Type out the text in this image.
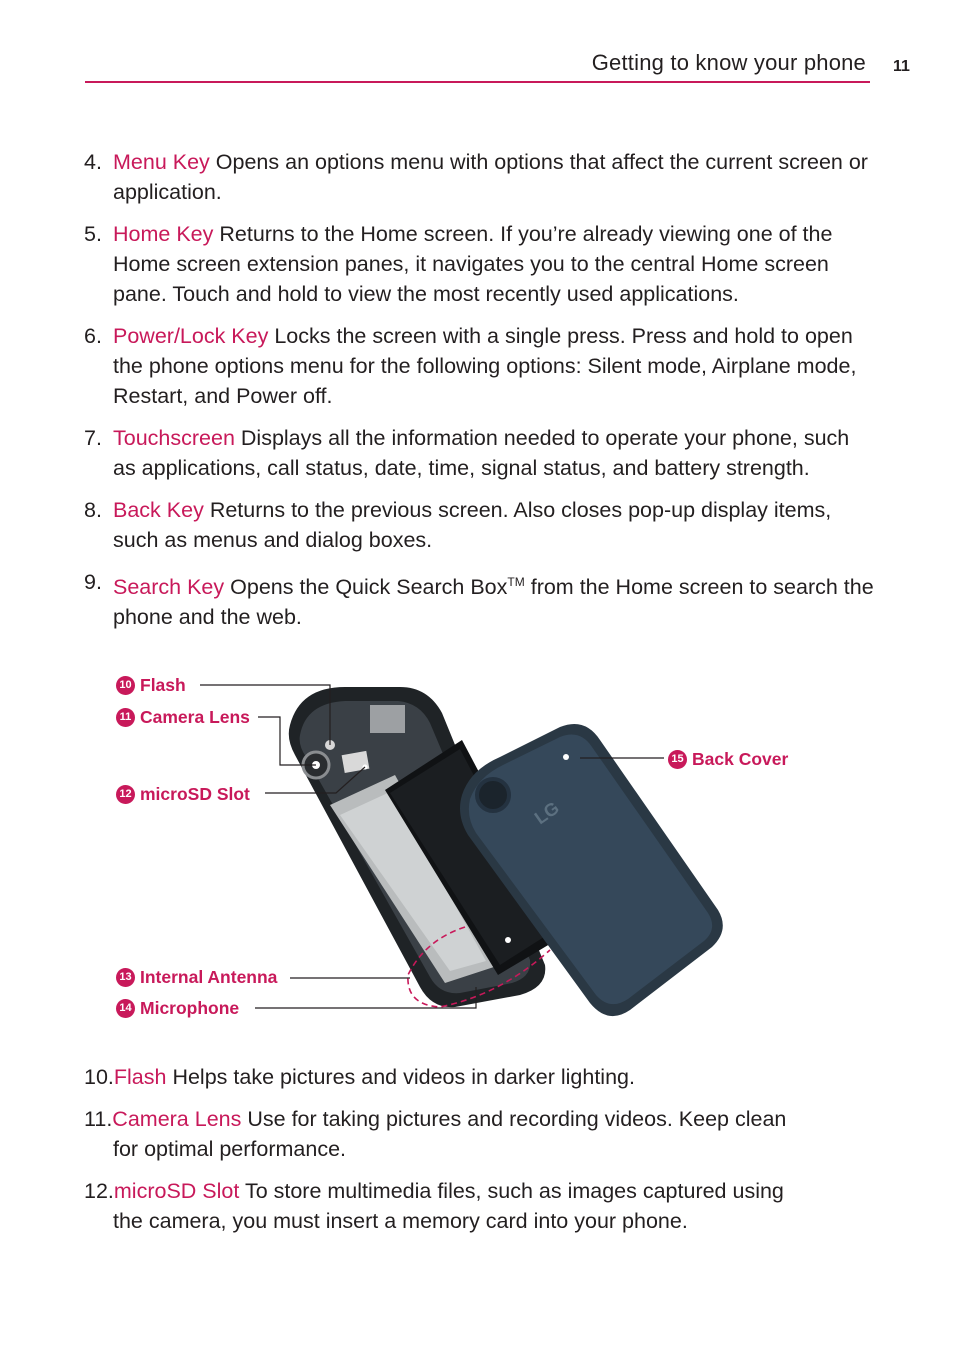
Getting to know your phone 11

4. Menu Key Opens an options menu with options that affect the current screen or application.

5. Home Key Returns to the Home screen. If you’re already viewing one of the Home screen extension panes, it navigates you to the central Home screen pane. Touch and hold to view the most recently used applications.

6. Power/Lock Key Locks the screen with a single press. Press and hold to open the phone options menu for the following options: Silent mode, Airplane mode, Restart, and Power off.

7. Touchscreen Displays all the information needed to operate your phone, such as applications, call status, date, time, signal status, and battery strength.

8. Back Key Returns to the previous screen. Also closes pop-up display items, such as menus and dialog boxes.

9. Search Key Opens the Quick Search Box™ from the Home screen to search the phone and the web.

LG
10 Flash
11 Camera Lens
12 microSD Slot
13 Internal Antenna
14 Microphone
15 Back Cover

10.Flash Helps take pictures and videos in darker lighting.

11.Camera Lens Use for taking pictures and recording videos. Keep clean
for optimal performance.

12.microSD Slot To store multimedia files, such as images captured using
the camera, you must insert a memory card into your phone.
